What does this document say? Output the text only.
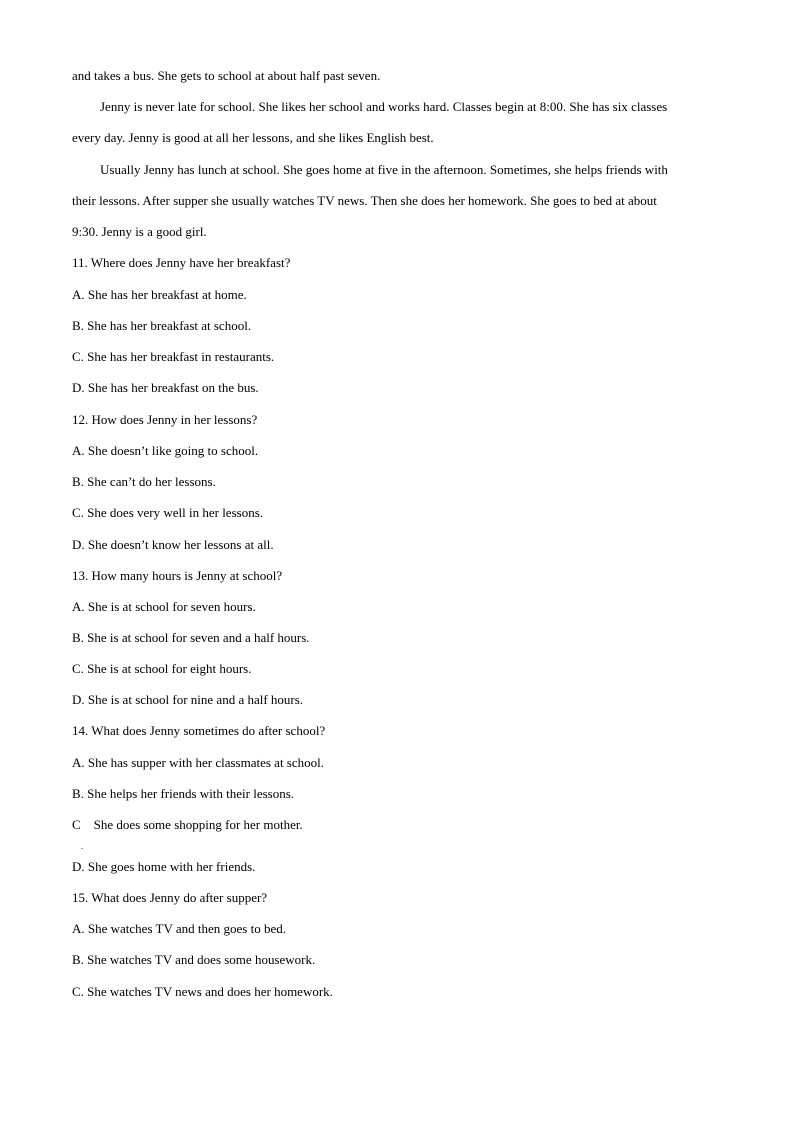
and takes a bus. She gets to school at about half past seven.
Jenny is never late for school. She likes her school and works hard. Classes begin at 8:00. She has six classes
every day. Jenny is good at all her lessons, and she likes English best.
Usually Jenny has lunch at school. She goes home at five in the afternoon. Sometimes, she helps friends with
their lessons. After supper she usually watches TV news. Then she does her homework. She goes to bed at about
9:30. Jenny is a good girl.
11. Where does Jenny have her breakfast?
A. She has her breakfast at home.
B. She has her breakfast at school.
C. She has her breakfast in restaurants.
D. She has her breakfast on the bus.
12. How does Jenny in her lessons?
A. She doesn’t like going to school.
B. She can’t do her lessons.
C. She does very well in her lessons.
D. She doesn’t know her lessons at all.
13. How many hours is Jenny at school?
A. She is at school for seven hours.
B. She is at school for seven and a half hours.
C. She is at school for eight hours.
D. She is at school for nine and a half hours.
14. What does Jenny sometimes do after school?
A. She has supper with her classmates at school.
B. She helps her friends with their lessons.
C    She does some shopping for her mother.
.
D. She goes home with her friends.
15. What does Jenny do after supper?
A. She watches TV and then goes to bed.
B. She watches TV and does some housework.
C. She watches TV news and does her homework.
